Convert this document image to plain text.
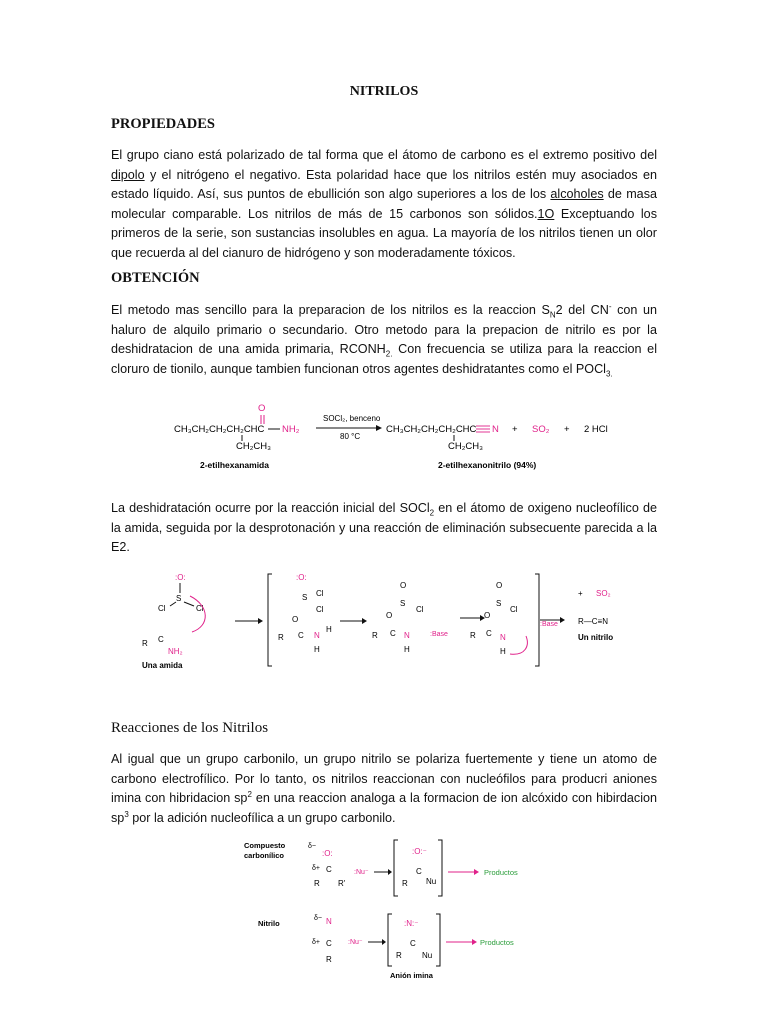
NITRILOS
PROPIEDADES

El grupo ciano está polarizado de tal forma que el átomo de carbono es el extremo positivo del dipolo y el nitrógeno el negativo. Esta polaridad hace que los nitrilos estén muy asociados en estado líquido. Así, sus puntos de ebullición son algo superiores a los de los alcoholes de masa molecular comparable. Los nitrilos de más de 15 carbonos son sólidos.1O Exceptuando los primeros de la serie, son sustancias insolubles en agua. La mayoría de los nitrilos tienen un olor que recuerda al del cianuro de hidrógeno y son moderadamente tóxicos.

OBTENCIÓN

El metodo mas sencillo para la preparacion de los nitrilos es la reaccion $S_N2$ del CN- con un haluro de alquilo primario o secundario. Otro metodo para la prepacion de nitrilo es por la deshidratacion de una amida primaria, $RCONH_{2.}$ Con frecuencia se utiliza para la reaccion el cloruro de tionilo, aunque tambien funcionan otros agentes deshidratantes como el POCl$_{3.}$

CH₃CH₂CH₂CH₂CHC
O
NH₂
CH₂CH₃
SOCl₂, benceno
80 °C
CH₃CH₂CH₂CH₂CHC N
CH₂CH₃
+ SO₂ + 2 HCl
2-etilhexanamida	2-etilhexanonitrilo (94%)

La deshidratación ocurre por la reacción inicial del SOCl$_2$ en el átomo de oxigeno nucleofílico de la amida, seguida por la desprotonación y una reacción de eliminación subsecuente parecida a la E2.

:O:
S
Cl	Cl
R C
NH₂
Una amida
:O:
S Cl
Cl
O
R C N
H
H
O
S
Cl
O
R C N
H
:Base
O
S
Cl
O
R C N
H
:Base
+ SO₂
R—C≡N
Un nitrilo
Reacciones de los Nitrilos

Al igual que un grupo carbonilo, un grupo nitrilo se polariza fuertemente y tiene un atomo de carbono electrofílico. Por lo tanto, os nitrilos reaccionan con nucleófilos para producri aniones imina con hibridacion $sp^2$ en una reaccion analoga a la formacion de ion alcóxido con hibirdacion $sp^3$ por la adición nucleofílica a un grupo carbonilo.

Compuesto
carbonílico
δ−
:O:
δ+ C
R R'
:Nu⁻
:O:⁻
C
R Nu
Productos
Nitrilo
δ− N
δ+ C
R
:Nu⁻
:N:⁻
C
R	Nu
Productos
Anión imina
